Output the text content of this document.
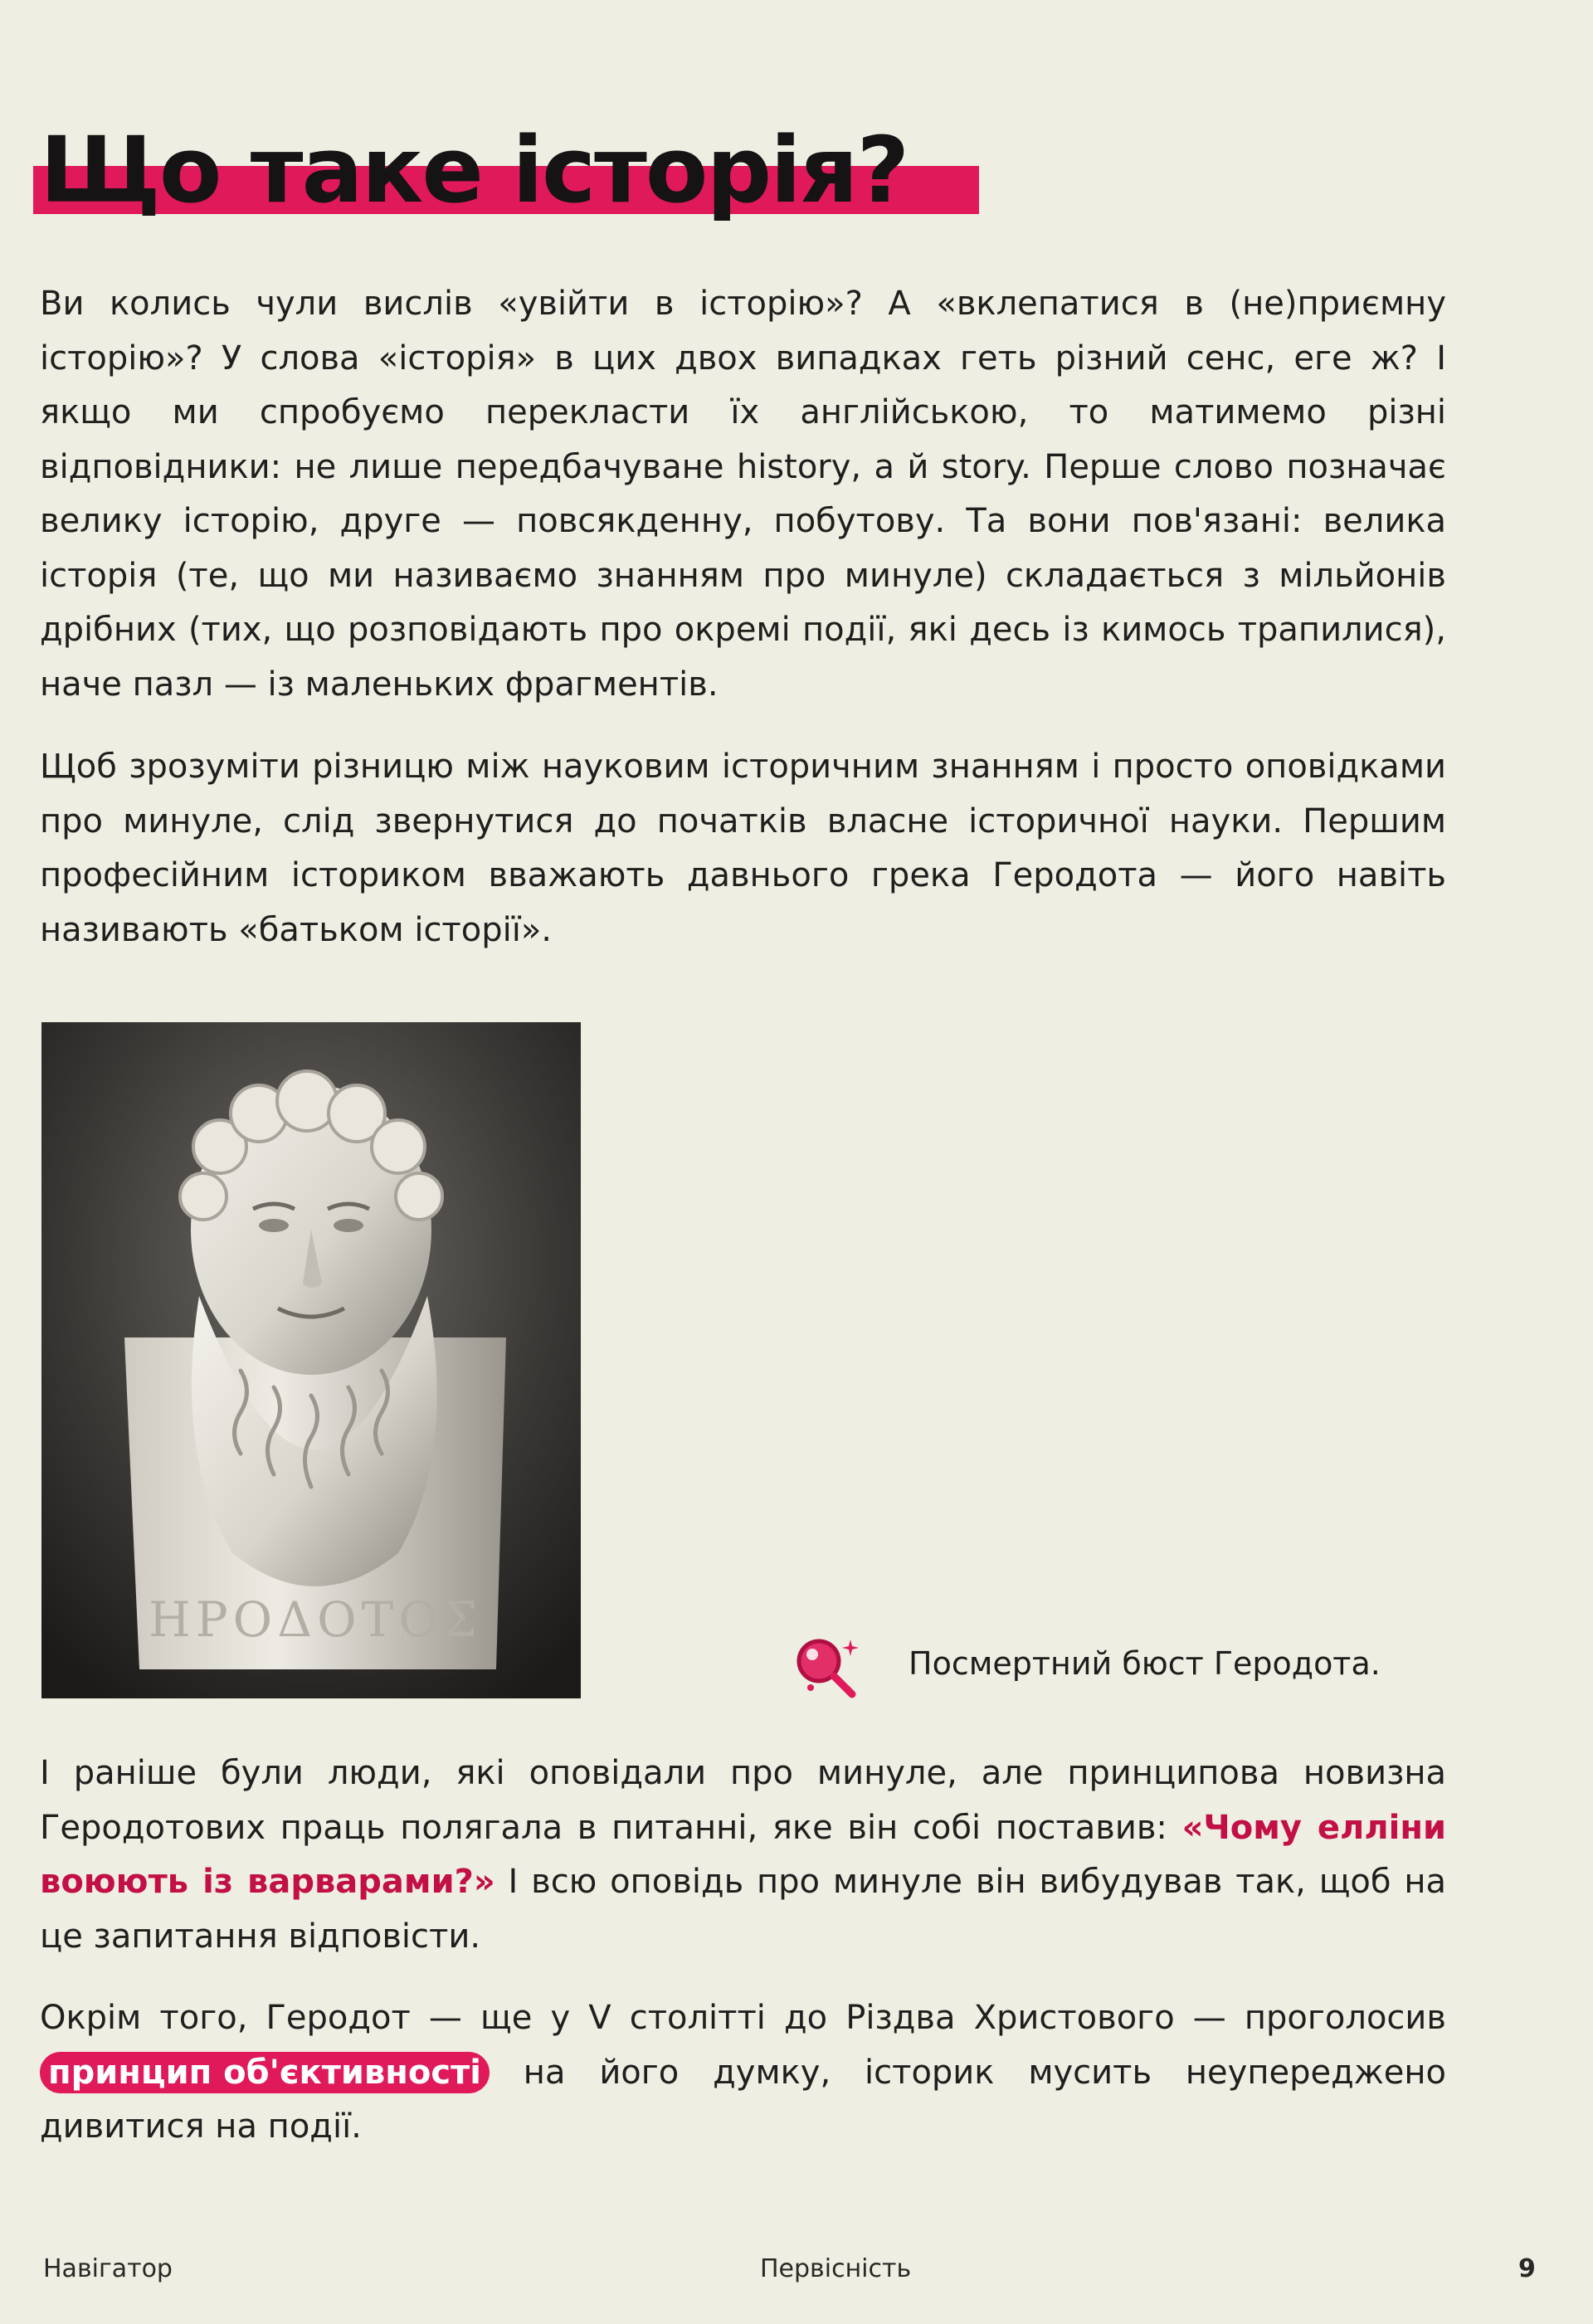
Що таке історія?

Ви колись чули вислів «увійти в історію»? А «вклепатися в (не)приємну історію»? У слова «історія» в цих двох випадках геть різний сенс, еге ж? І якщо ми спробуємо перекласти їх англійською, то матимемо різні відповідники: не лише передбачуване history, а й story. Перше слово позначає велику історію, друге — повсякденну, побутову. Та вони пов'язані: велика історія (те, що ми називаємо знанням про минуле) складається з мільйонів дрібних (тих, що розповідають про окремі події, які десь із кимось трапилися), наче пазл — із маленьких фрагментів.

Щоб зрозуміти різницю між науковим історичним знанням і просто оповідками про минуле, слід звернутися до початків власне історичної науки. Першим професійним істориком вважають давнього грека Геродота — його навіть називають «батьком історії».

ΗΡΟΔΟΤΟΣ

Посмертний бюст Геродота.

І раніше були люди, які оповідали про минуле, але принципова новизна Геродотових праць полягала в питанні, яке він собі поставив: «Чому елліни воюють із варварами?» І всю оповідь про минуле він вибудував так, щоб на це запитання відповісти.

Окрім того, Геродот — ще у V столітті до Різдва Христового — проголосив принцип об'єктивності на його думку, історик мусить неупереджено дивитися на події.

Навігатор	Первісність	9
